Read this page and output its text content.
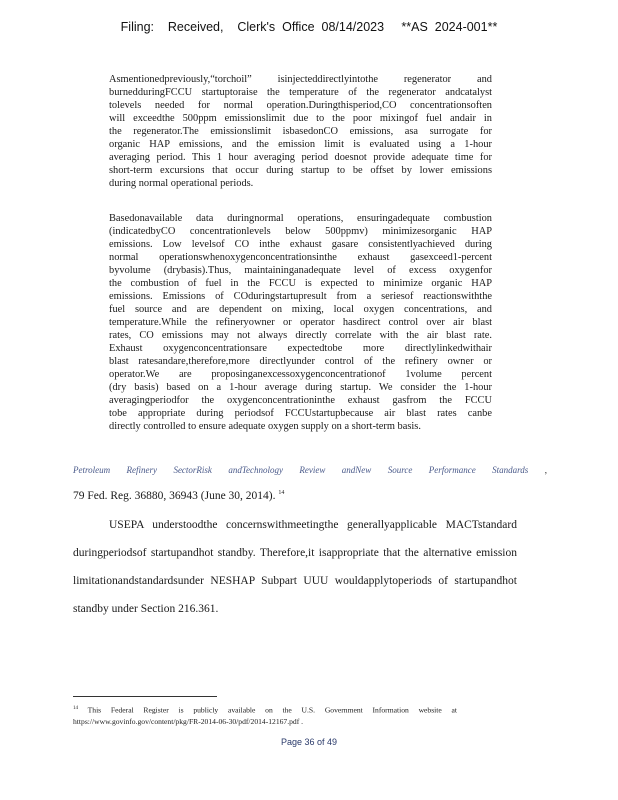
Filing:    Received,    Clerk's  Office  08/14/2023     **AS  2024-001**
Asmentionedpreviously,“torchoil” isinjecteddirectlyintothe regenerator and
burnedduringFCCU startuptoraise the temperature of the regenerator andcatalyst
tolevels needed for normal operation.Duringthisperiod,CO concentrationsoften
will exceedthe 500ppm emissionslimit due to the poor mixingof fuel andair in
the regenerator.The emissionslimit isbasedonCO emissions, asa surrogate for
organic HAP emissions, and the emission limit is evaluated using a 1-hour
averaging period. This 1 hour averaging period doesnot provide adequate time for
short-term excursions that occur during startup to be offset by lower emissions
during normal operational periods.
Basedonavailable data duringnormal operations, ensuringadequate combustion
(indicatedbyCO concentrationlevels below 500ppmv) minimizesorganic HAP
emissions. Low levelsof CO inthe exhaust gasare consistentlyachieved during
normal operationswhenoxygenconcentrationsinthe exhaust gasexceed1-percent
byvolume (drybasis).Thus, maintaininganadequate level of excess oxygenfor
the combustion of fuel in the FCCU is expected to minimize organic HAP
emissions. Emissions of COduringstartupresult from a seriesof reactionswiththe
fuel source and are dependent on mixing, local oxygen concentrations, and
temperature.While the refineryowner or operator hasdirect control over air blast
rates, CO emissions may not always directly correlate with the air blast rate.
Exhaust oxygenconcentrationsare expectedtobe more directlylinkedwithair
blast ratesandare,therefore,more directlyunder control of the refinery owner or
operator.We are proposinganexcessoxygenconcentrationof 1volume percent
(dry basis) based on a 1-hour average during startup. We consider the 1-hour
averagingperiodfor the oxygenconcentrationinthe exhaust gasfrom the FCCU
tobe appropriate during periodsof FCCUstartupbecause air blast rates canbe
directly controlled to ensure adequate oxygen supply on a short-term basis.
Petroleum Refinery SectorRisk andTechnology Review andNew Source Performance Standards ,
79 Fed. Reg. 36880, 36943 (June 30, 2014). $^{14}$
USEPA understoodthe concernswithmeetingthe generallyapplicable MACTstandard
duringperiodsof startupandhot standby. Therefore,it isappropriate that the alternative emission
limitationandstandardsunder NESHAP Subpart UUU wouldapplytoperiods of startupandhot
standby under Section 216.361.
$^{14}$ This Federal Register is publicly available on the U.S. Government Information website at
https://www.govinfo.gov/content/pkg/FR-2014-06-30/pdf/2014-12167.pdf .
Page 36 of 49
